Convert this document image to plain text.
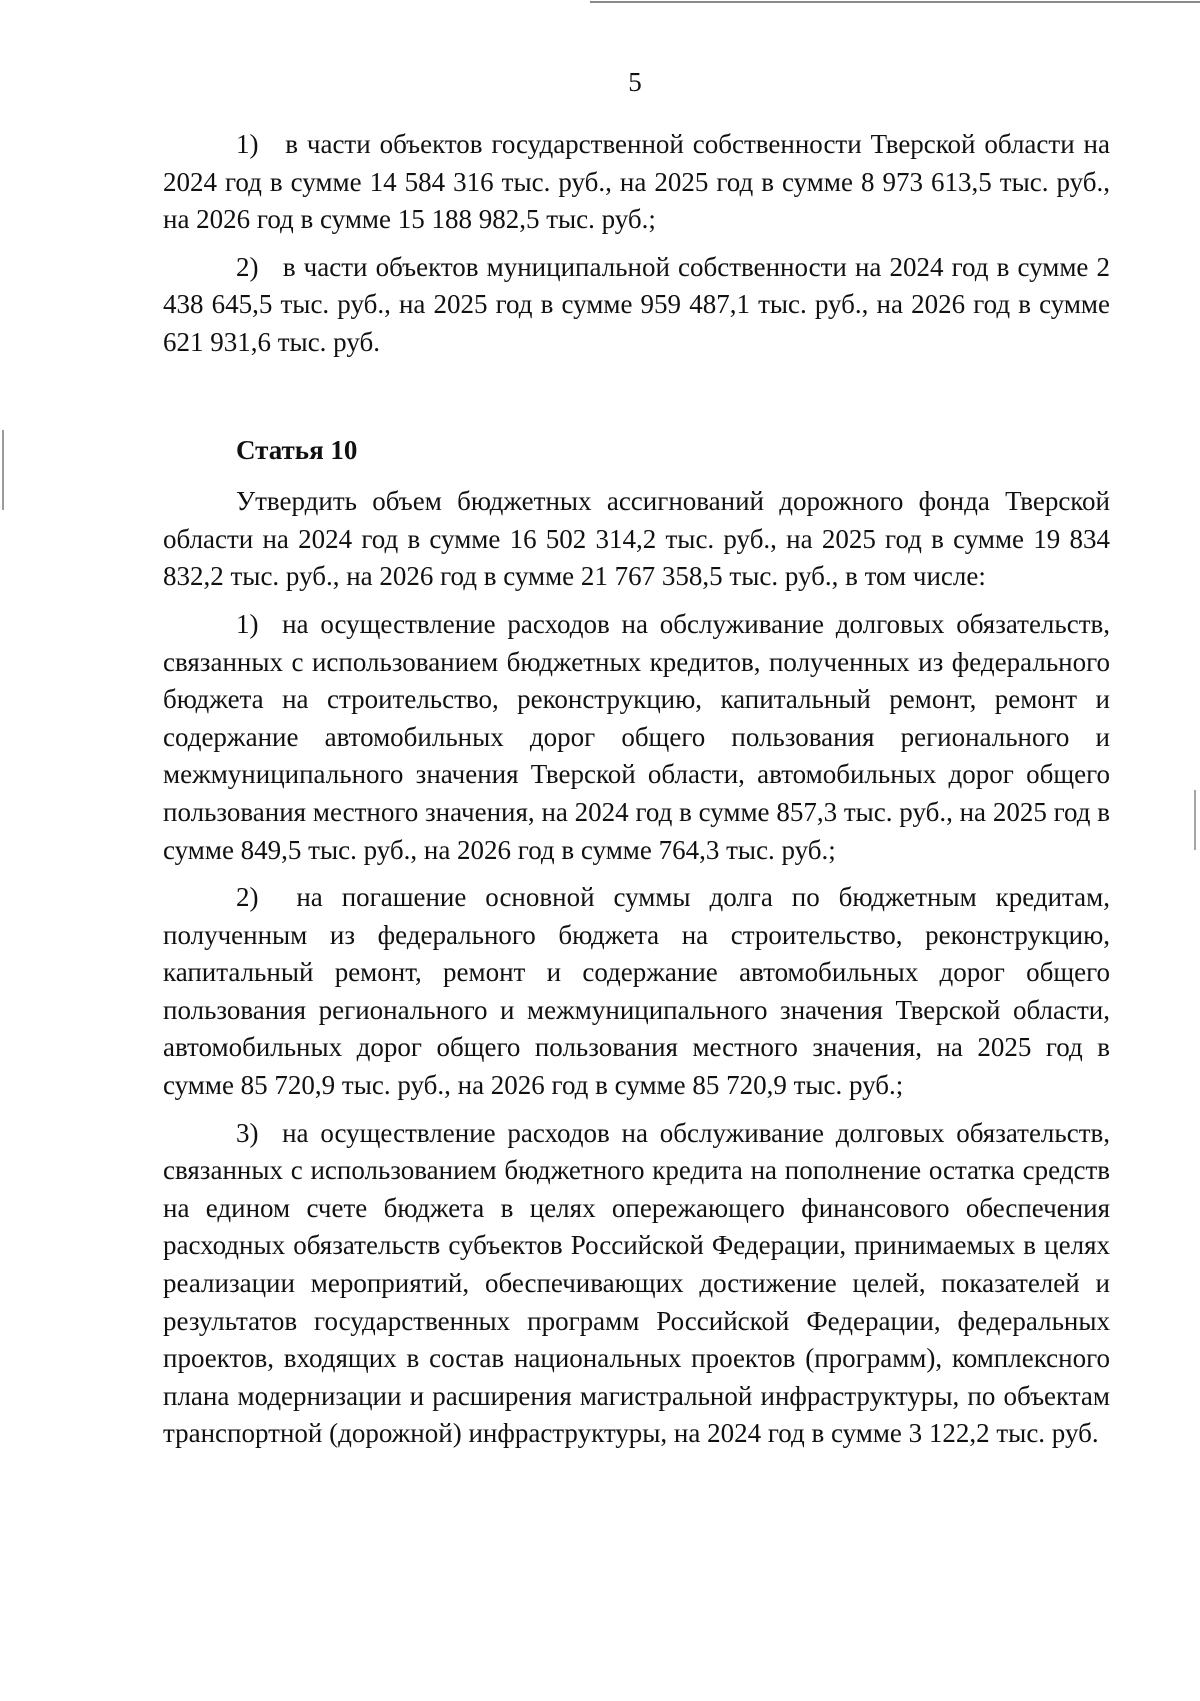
5

1)   в части объектов государственной собственности Тверской области на 2024 год в сумме 14 584 316 тыс. руб., на 2025 год в сумме 8 973 613,5 тыс. руб., на 2026 год в сумме 15 188 982,5 тыс. руб.;

2)   в части объектов муниципальной собственности на 2024 год в сумме 2 438 645,5 тыс. руб., на 2025 год в сумме 959 487,1 тыс. руб., на 2026 год в сумме 621 931,6 тыс. руб.

Статья 10

Утвердить объем бюджетных ассигнований дорожного фонда Тверской области на 2024 год в сумме 16 502 314,2 тыс. руб., на 2025 год в сумме 19 834 832,2 тыс. руб., на 2026 год в сумме 21 767 358,5 тыс. руб., в том числе:

1)  на осуществление расходов на обслуживание долговых обязательств, связанных с использованием бюджетных кредитов, полученных из федерального бюджета на строительство, реконструкцию, капитальный ремонт, ремонт и содержание автомобильных дорог общего пользования регионального и межмуниципального значения Тверской области, автомобильных дорог общего пользования местного значения, на 2024 год в сумме 857,3 тыс. руб., на 2025 год в сумме 849,5 тыс. руб., на 2026 год в сумме 764,3 тыс. руб.;

2)  на погашение основной суммы долга по бюджетным кредитам, полученным из федерального бюджета на строительство, реконструкцию, капитальный ремонт, ремонт и содержание автомобильных дорог общего пользования регионального и межмуниципального значения Тверской области, автомобильных дорог общего пользования местного значения, на 2025 год в сумме 85 720,9 тыс. руб., на 2026 год в сумме 85 720,9 тыс. руб.;

3)  на осуществление расходов на обслуживание долговых обязательств, связанных с использованием бюджетного кредита на пополнение остатка средств на едином счете бюджета в целях опережающего финансового обеспечения расходных обязательств субъектов Российской Федерации, принимаемых в целях реализации мероприятий, обеспечивающих достижение целей, показателей и результатов государственных программ Российской Федерации, федеральных проектов, входящих в состав национальных проектов (программ), комплексного плана модернизации и расширения магистральной инфраструктуры, по объектам транспортной (дорожной) инфраструктуры, на 2024 год в сумме 3 122,2 тыс. руб.
